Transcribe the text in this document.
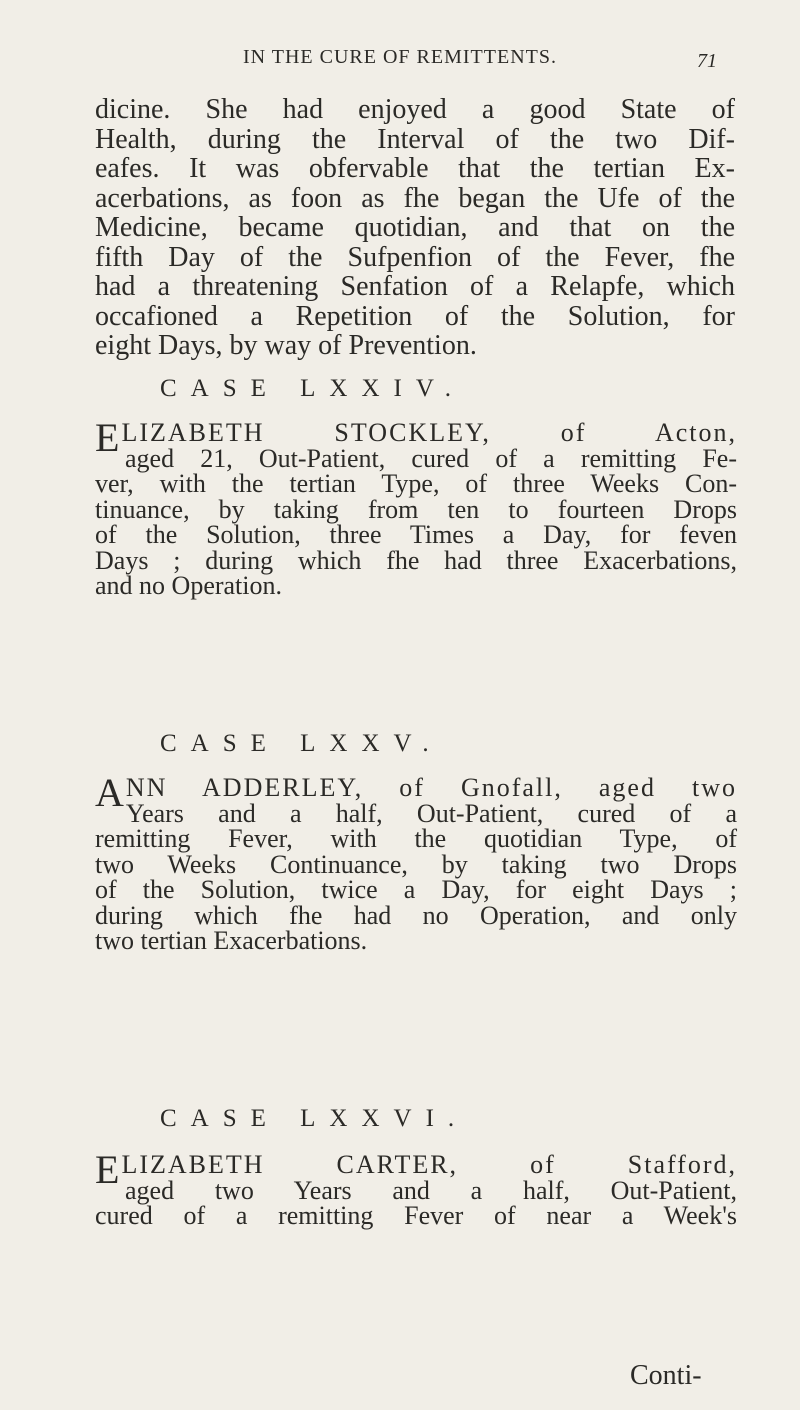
IN THE CURE OF REMITTENTS.	71
dicine. She had enjoyed a good State of
Health, during the Interval of the two Dif-
eafes. It was obfervable that the tertian Ex-
acerbations, as foon as fhe began the Ufe of the
Medicine, became quotidian, and that on the
fifth Day of the Sufpenfion of the Fever, fhe
had a threatening Senfation of a Relapfe, which
occafioned a Repetition of the Solution, for
eight Days, by way of Prevention.
CASE LXXIV.
ELIZABETH STOCKLEY, of Acton,
aged 21, Out-Patient, cured of a remitting Fe-
ver, with the tertian Type, of three Weeks Con-
tinuance, by taking from ten to fourteen Drops
of the Solution, three Times a Day, for feven
Days ; during which fhe had three Exacerbations,
and no Operation.
CASE LXXV.
ANN ADDERLEY, of Gnofall, aged two
Years and a half, Out-Patient, cured of a
remitting Fever, with the quotidian Type, of
two Weeks Continuance, by taking two Drops
of the Solution, twice a Day, for eight Days ;
during which fhe had no Operation, and only
two tertian Exacerbations.
CASE LXXVI.
ELIZABETH CARTER, of Stafford,
aged two Years and a half, Out-Patient,
cured of a remitting Fever of near a Week's
Conti-
